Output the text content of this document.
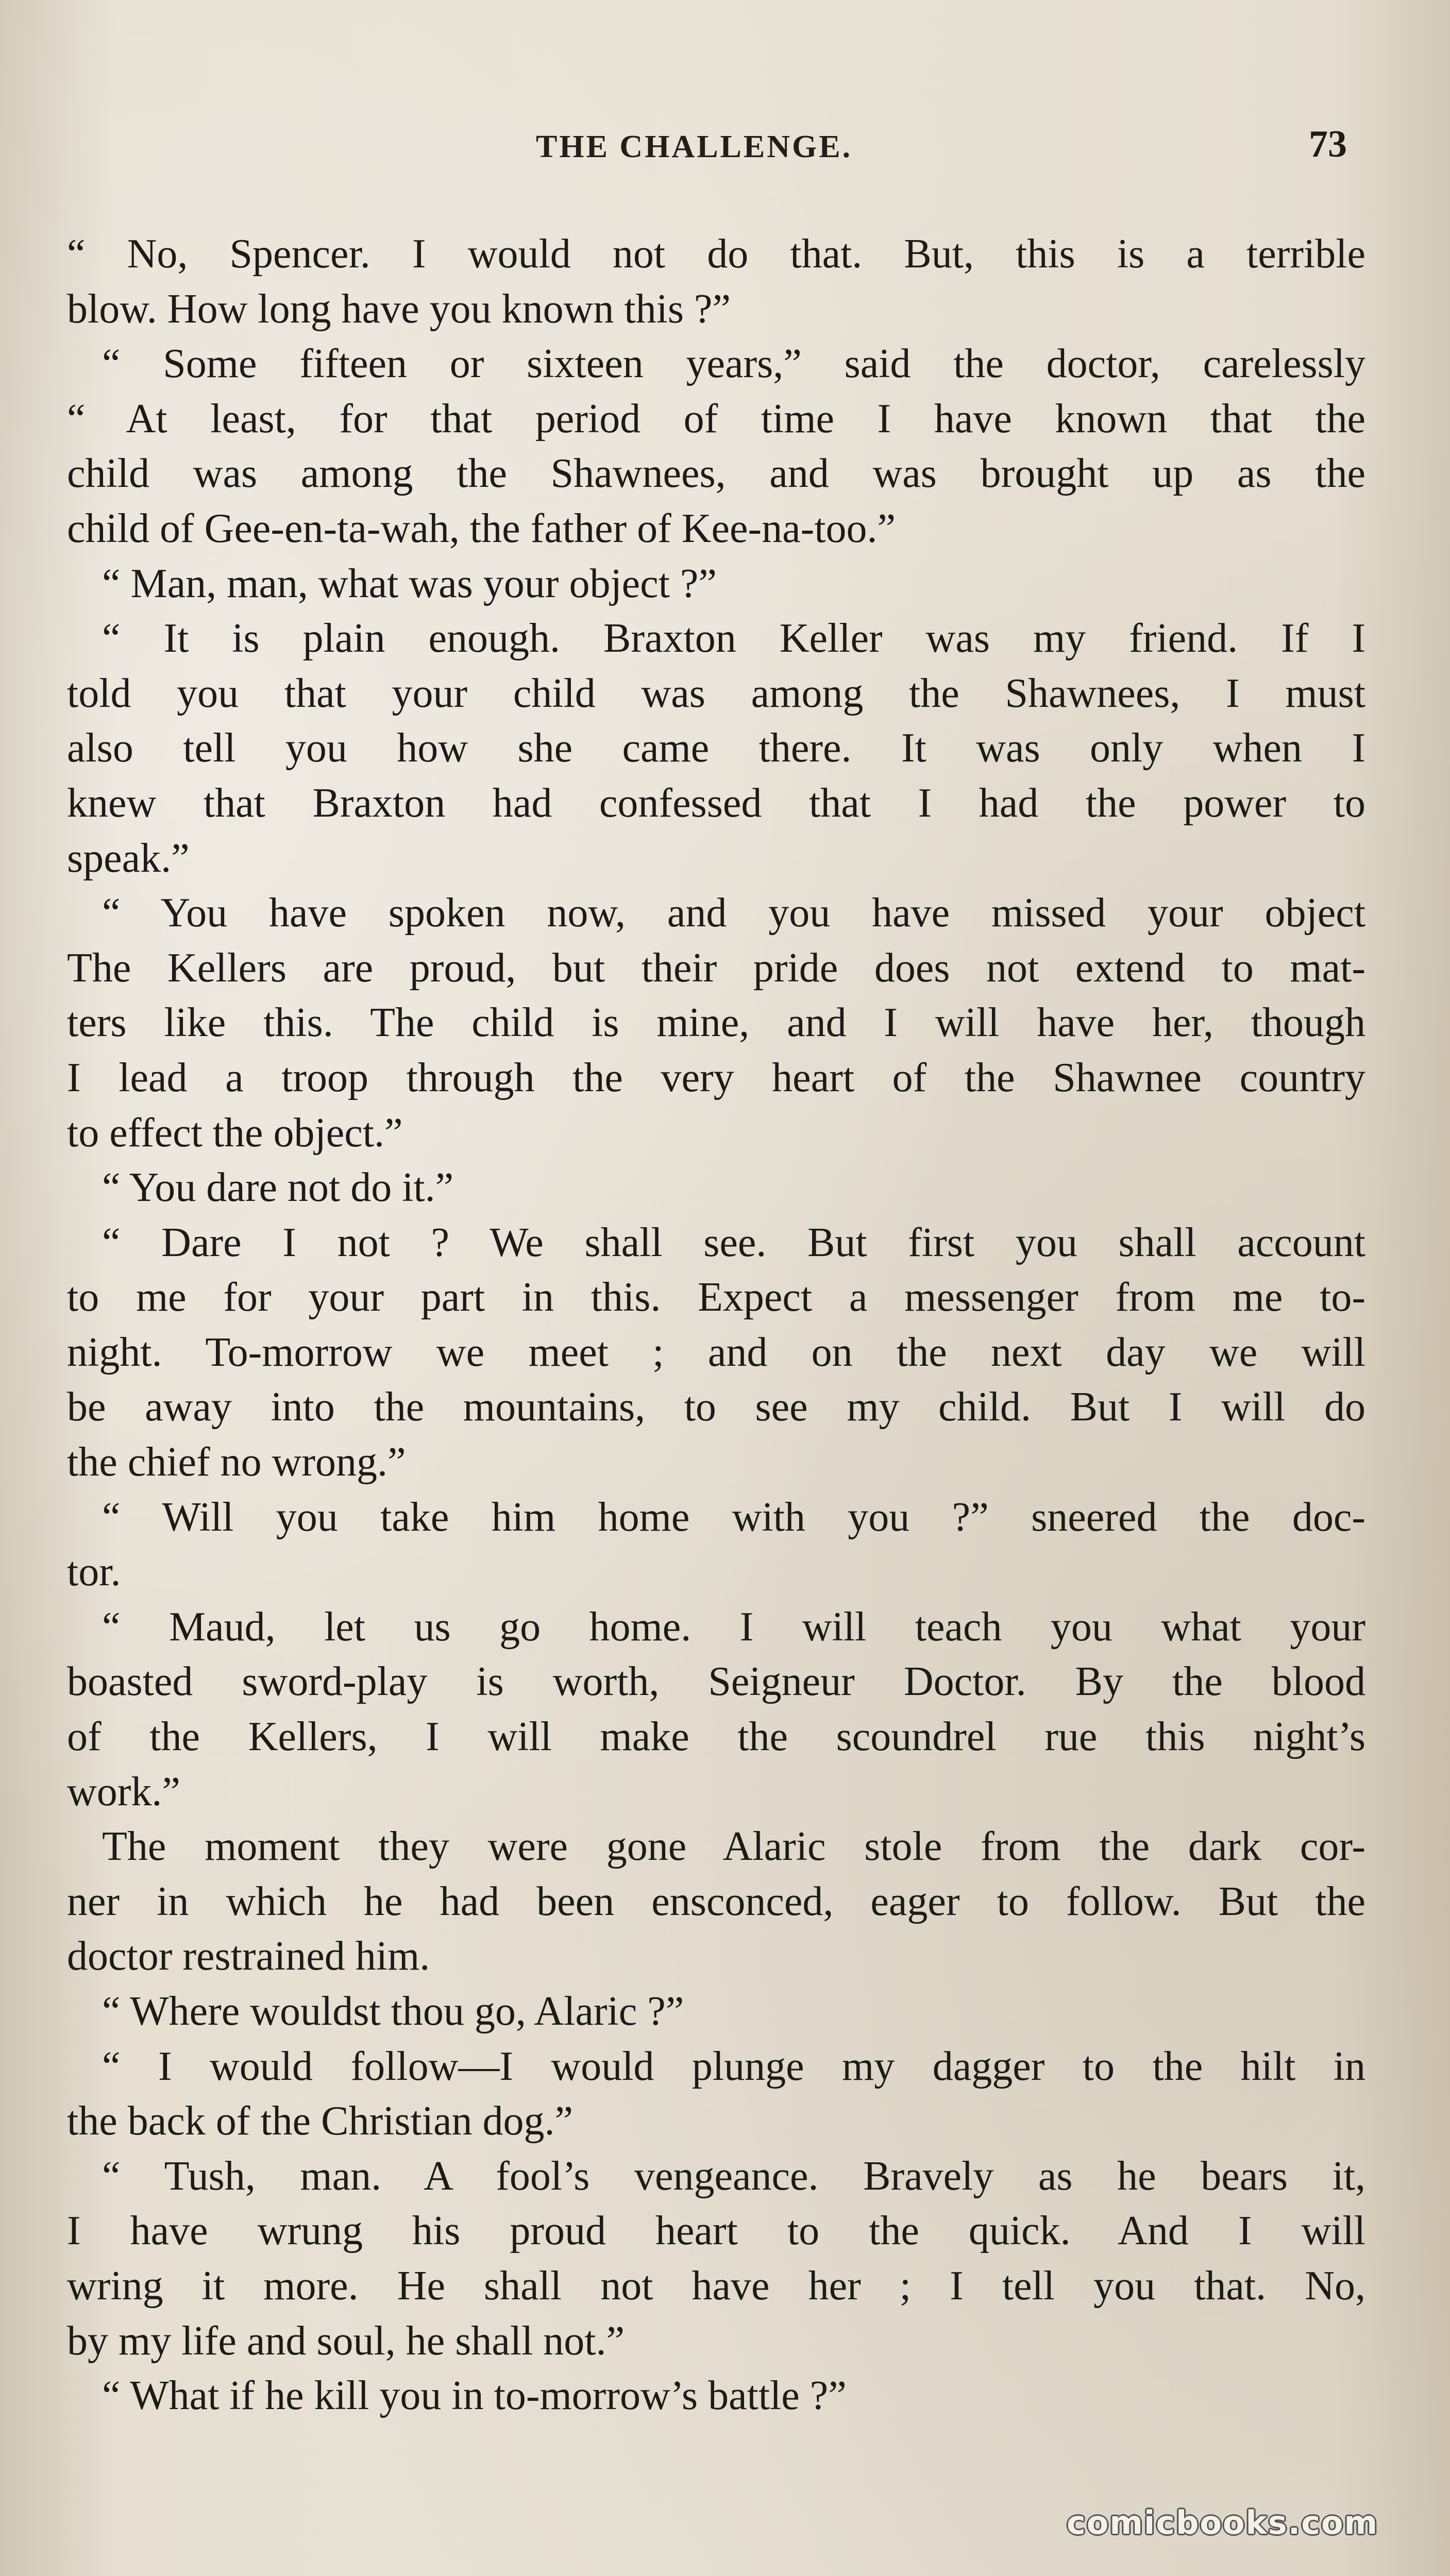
THE CHALLENGE.	73
“ No, Spencer. I would not do that. But, this is a terrible
blow. How long have you known this ?”
“ Some fifteen or sixteen years,” said the doctor, carelessly
“ At least, for that period of time I have known that the
child was among the Shawnees, and was brought up as the
child of Gee-en-ta-wah, the father of Kee-na-too.”
“ Man, man, what was your object ?”
“ It is plain enough. Braxton Keller was my friend. If I
told you that your child was among the Shawnees, I must
also tell you how she came there. It was only when I
knew that Braxton had confessed that I had the power to
speak.”
“ You have spoken now, and you have missed your object
The Kellers are proud, but their pride does not extend to mat-
ters like this. The child is mine, and I will have her, though
I lead a troop through the very heart of the Shawnee country
to effect the object.”
“ You dare not do it.”
“ Dare I not ? We shall see. But first you shall account
to me for your part in this. Expect a messenger from me to-
night. To-morrow we meet ; and on the next day we will
be away into the mountains, to see my child. But I will do
the chief no wrong.”
“ Will you take him home with you ?” sneered the doc-
tor.
“ Maud, let us go home. I will teach you what your
boasted sword-play is worth, Seigneur Doctor. By the blood
of the Kellers, I will make the scoundrel rue this night’s
work.”
The moment they were gone Alaric stole from the dark cor-
ner in which he had been ensconced, eager to follow. But the
doctor restrained him.
“ Where wouldst thou go, Alaric ?”
“ I would follow—I would plunge my dagger to the hilt in
the back of the Christian dog.”
“ Tush, man. A fool’s vengeance. Bravely as he bears it,
I have wrung his proud heart to the quick. And I will
wring it more. He shall not have her ; I tell you that. No,
by my life and soul, he shall not.”
“ What if he kill you in to-morrow’s battle ?”
comicbooks.com
